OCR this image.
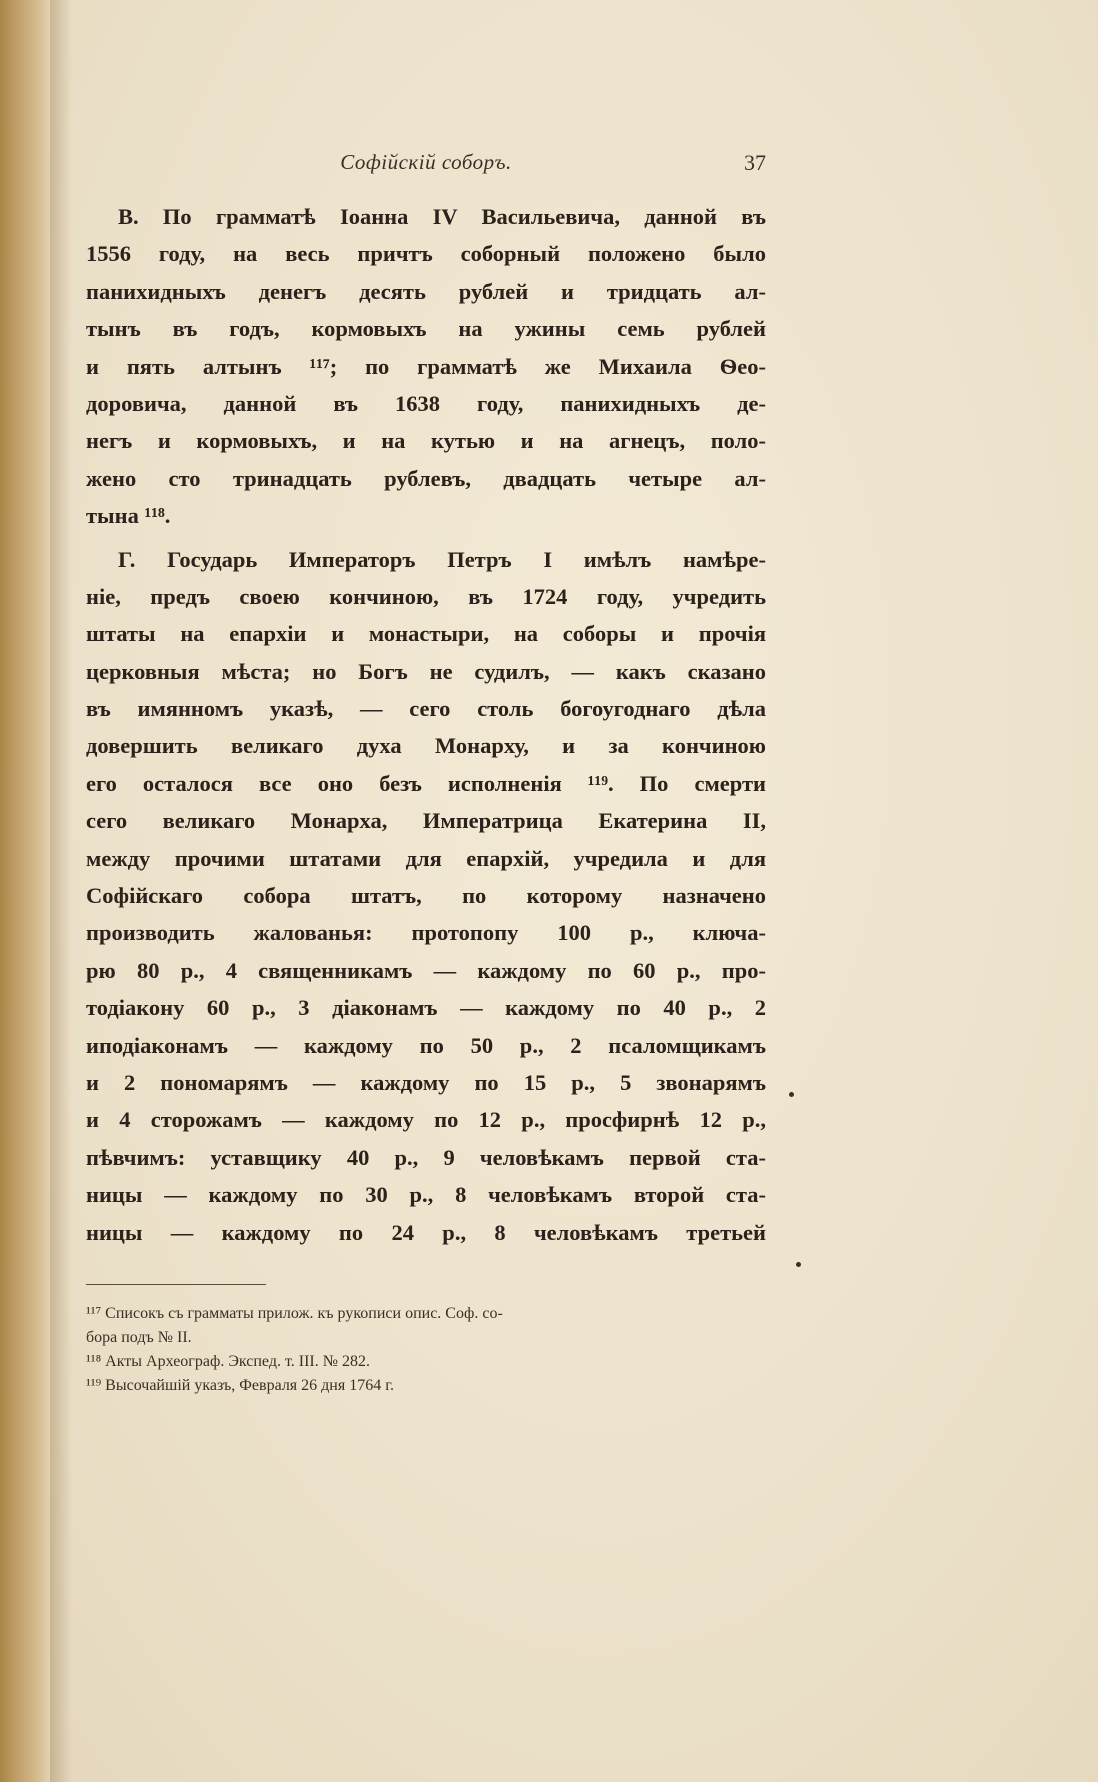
Софійскій соборъ.	37
В. По грамматѣ Іоанна IV Васильевича, данной въ
1556 году, на весь причтъ соборный положено было
панихидныхъ денегъ десять рублей и тридцать ал-
тынъ въ годъ, кормовыхъ на ужины семь рублей
и пять алтынъ ¹¹⁷; по грамматѣ же Михаила Ѳео-
доровича, данной въ 1638 году, панихидныхъ де-
негъ и кормовыхъ, и на кутью и на агнецъ, поло-
жено сто тринадцать рублевъ, двадцать четыре ал-
тына ¹¹⁸.
Г. Государь Императоръ Петръ I имѣлъ намѣре-
ніе, предъ своею кончиною, въ 1724 году, учредить
штаты на епархіи и монастыри, на соборы и прочія
церковныя мѣста; но Богъ не судилъ, — какъ сказано
въ имянномъ указѣ, — сего столь богоугоднаго дѣла
довершить великаго духа Монарху, и за кончиною
его осталося все оно безъ исполненія ¹¹⁹. По смерти
сего великаго Монарха, Императрица Екатерина II,
между прочими штатами для епархій, учредила и для
Софійскаго собора штатъ, по которому назначено
производить жалованья: протопопу 100 р., ключа-
рю 80 р., 4 священникамъ — каждому по 60 р., про-
тодіакону 60 р., 3 діаконамъ — каждому по 40 р., 2
иподіаконамъ — каждому по 50 р., 2 псаломщикамъ
и 2 пономарямъ — каждому по 15 р., 5 звонарямъ
и 4 сторожамъ — каждому по 12 р., просфирнѣ 12 р.,
пѣвчимъ: уставщику 40 р., 9 человѣкамъ первой ста-
ницы — каждому по 30 р., 8 человѣкамъ второй ста-
ницы — каждому по 24 р., 8 человѣкамъ третьей
¹¹⁷ Списокъ съ грамматы прилож. къ рукописи опис. Соф. со-
бора подъ № II.
¹¹⁸ Акты Археограф. Экспед. т. III. № 282.
¹¹⁹ Высочайшій указъ, Февраля 26 дня 1764 г.
